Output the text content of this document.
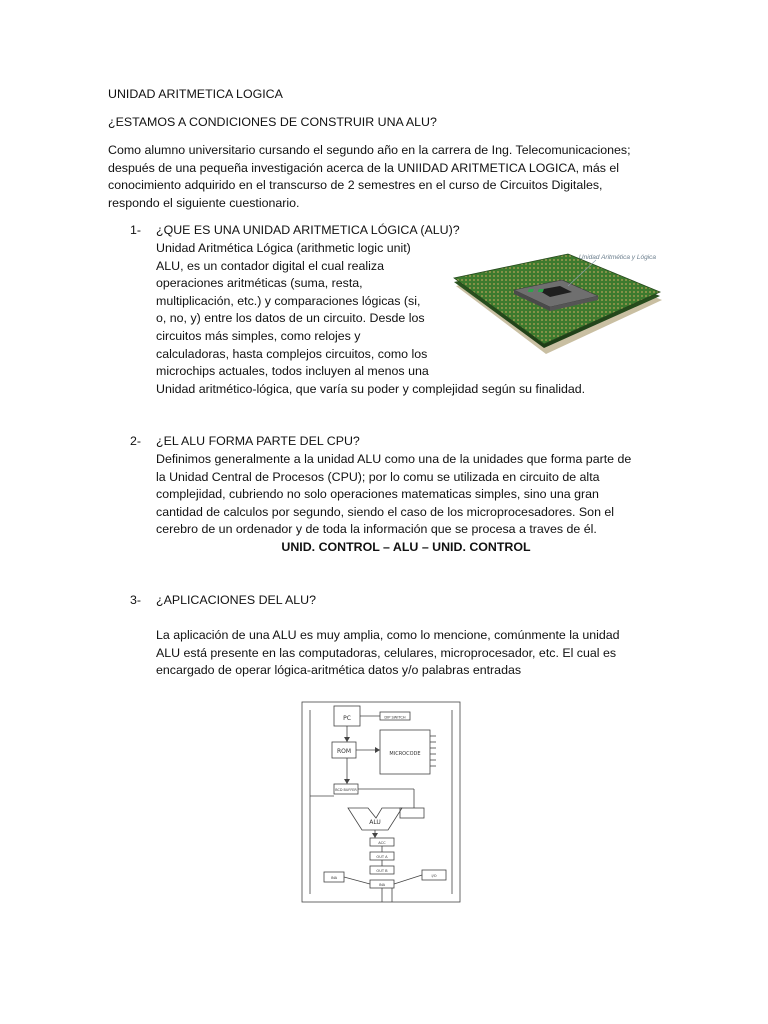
UNIDAD ARITMETICA LOGICA

¿ESTAMOS A CONDICIONES DE CONSTRUIR UNA ALU?

Como alumno universitario cursando el segundo año en la carrera de Ing. Telecomunicaciones;
después de una pequeña investigación acerca de la UNIIDAD ARITMETICA LOGICA, más el
conocimiento adquirido en el transcurso de 2 semestres en el curso de Circuitos Digitales,
respondo el siguiente cuestionario.
1- ¿QUE ES UNA UNIDAD ARITMETICA LÓGICA (ALU)?
Unidad Aritmética Lógica (arithmetic logic unit)
ALU, es un contador digital el cual realiza
operaciones aritméticas (suma, resta,
multiplicación, etc.) y comparaciones lógicas (si,
o, no, y) entre los datos de un circuito. Desde los
circuitos más simples, como relojes y
calculadoras, hasta complejos circuitos, como los
microchips actuales, todos incluyen al menos una
Unidad aritmético-lógica, que varía su poder y complejidad según su finalidad.
Unidad Aritmética y Lógica
2- ¿EL ALU FORMA PARTE DEL CPU?
Definimos generalmente a la unidad ALU como una de la unidades que forma parte de
la Unidad Central de Procesos (CPU); por lo comu se utilizada en circuito de alta
complejidad, cubriendo no solo operaciones matematicas simples, sino una gran
cantidad de calculos por segundo, siendo el caso de los microprocesadores. Son el
cerebro de un ordenador y de toda la información que se procesa a traves de él.
UNID. CONTROL – ALU – UNID. CONTROL
3- ¿APLICACIONES DEL ALU?
La aplicación de una ALU es muy amplia, como lo mencione, comúnmente la unidad
ALU está presente en las computadoras, celulares, microprocesador, etc. El cual es
encargado de operar lógica-aritmética datos y/o palabras entradas
PC	DIP SWITCH
ROM	MICROCODE
BCD BUFFER
ALU
ACC
OUT A
OUT B
INA
INA
I/O
